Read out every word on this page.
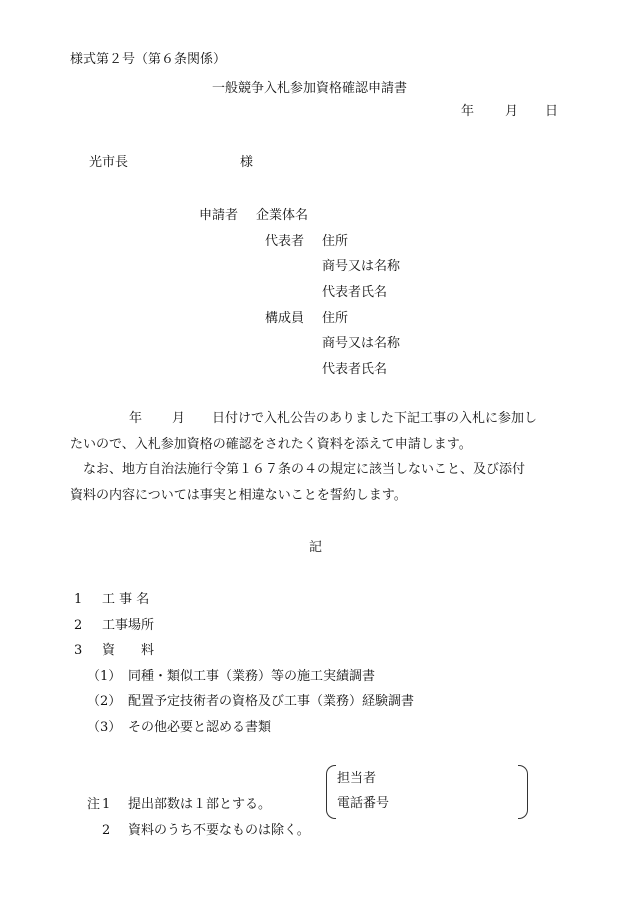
様式第２号（第６条関係）
一般競争入札参加資格確認申請書
年 月 日
光市長	様
申請者 企業体名
代表者 住所
商号又は名称
代表者氏名
構成員 住所
商号又は名称
代表者氏名
年 月 日付けで入札公告のありました下記工事の入札に参加し
たいので、入札参加資格の確認をされたく資料を添えて申請します。
なお、地方自治法施行令第１６７条の４の規定に該当しないこと、及び添付
資料の内容については事実と相違ないことを誓約します。
記
1 工 事 名
2 工事場所
3 資　　料
（1） 同種・類似工事（業務）等の施工実績調書
（2） 配置予定技術者の資格及び工事（業務）経験調書
（3） その他必要と認める書類
担当者
電話番号
注 1 提出部数は１部とする。
2 資料のうち不要なものは除く。
